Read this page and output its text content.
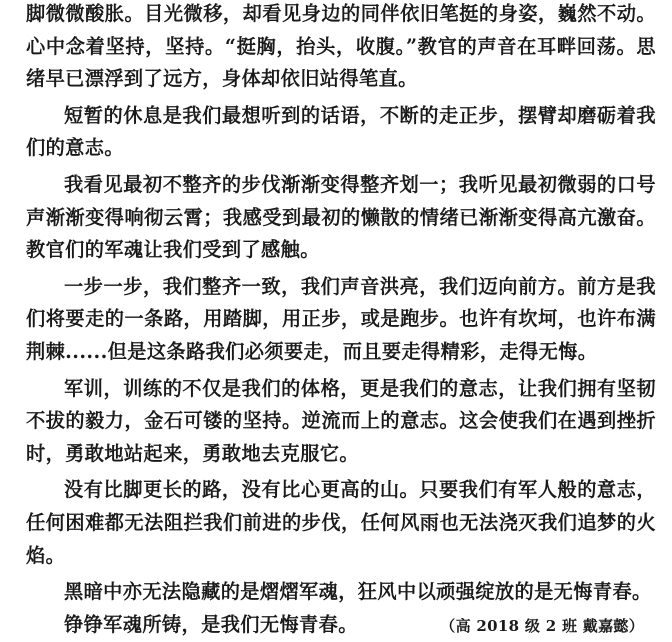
脚微微酸胀。目光微移，却看见身边的同伴依旧笔挺的身姿，巍然不动。心中念着坚持，坚持。“挺胸，抬头，收腹。”教官的声音在耳畔回荡。思绪早已漂浮到了远方，身体却依旧站得笔直。

短暂的休息是我们最想听到的话语，不断的走正步，摆臂却磨砺着我们的意志。

我看见最初不整齐的步伐渐渐变得整齐划一；我听见最初微弱的口号声渐渐变得响彻云霄；我感受到最初的懒散的情绪已渐渐变得高亢激奋。教官们的军魂让我们受到了感触。

一步一步，我们整齐一致，我们声音洪亮，我们迈向前方。前方是我们将要走的一条路，用踏脚，用正步，或是跑步。也许有坎坷，也许布满荆棘......但是这条路我们必须要走，而且要走得精彩，走得无悔。

军训，训练的不仅是我们的体格，更是我们的意志，让我们拥有坚韧不拔的毅力，金石可镂的坚持。逆流而上的意志。这会使我们在遇到挫折时，勇敢地站起来，勇敢地去克服它。

没有比脚更长的路，没有比心更高的山。只要我们有军人般的意志，任何困难都无法阻拦我们前进的步伐，任何风雨也无法浇灭我们追梦的火焰。

黑暗中亦无法隐藏的是熠熠军魂，狂风中以顽强绽放的是无悔青春。

铮铮军魂所铸，是我们无悔青春。	（高 2018 级 2 班 戴嘉懿）
